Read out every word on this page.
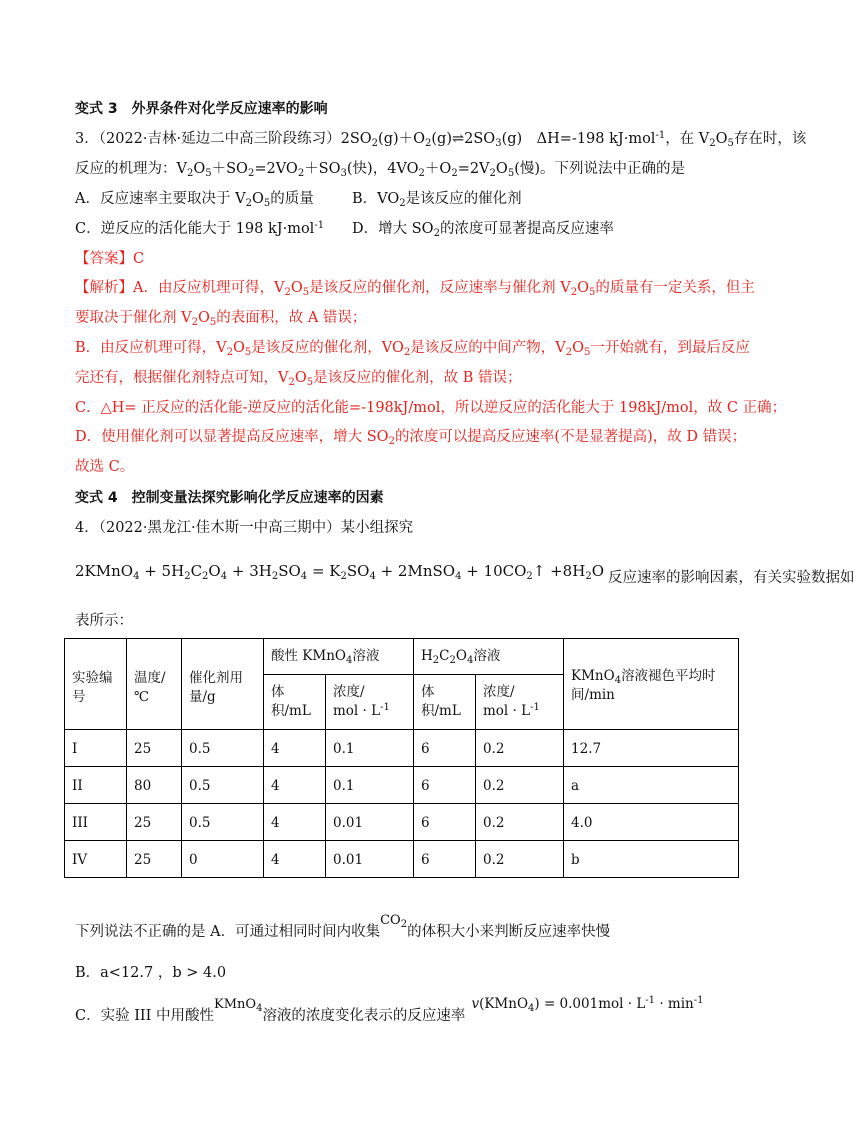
变式 3　外界条件对化学反应速率的影响
3．（2022·吉林·延边二中高三阶段练习）$2SO_2(g)+O_2(g)\rightleftharpoons 2SO_3(g)$　ΔH=-198 kJ·mol$^{-1}$，在 $V_2O_5$存在时，该
反应的机理为：$V_2O_5+SO_2=2VO_2+SO_3$(快)，$4VO_2+O_2=2V_2O_5$(慢)。下列说法中正确的是
A．反应速率主要取决于 $V_2O_5$的质量	B．$VO_2$是该反应的催化剂
C．逆反应的活化能大于 198 kJ·mol$^{-1}$ D．增大 $SO_2$的浓度可显著提高反应速率
【答案】C
【解析】A．由反应机理可得，$V_2O_5$是该反应的催化剂，反应速率与催化剂 $V_2O_5$的质量有一定关系，但主
要取决于催化剂 $V_2O_5$的表面积，故 A 错误；
B．由反应机理可得，$V_2O_5$是该反应的催化剂，$VO_2$是该反应的中间产物，$V_2O_5$一开始就有，到最后反应
完还有，根据催化剂特点可知，$V_2O_5$是该反应的催化剂，故 B 错误；
C．△H= 正反应的活化能-逆反应的活化能=-198kJ/mol，所以逆反应的活化能大于 198kJ/mol，故 C 正确；
D．使用催化剂可以显著提高反应速率，增大 $SO_2$的浓度可以提高反应速率(不是显著提高)，故 D 错误；
故选 C。
变式 4　控制变量法探究影响化学反应速率的因素
4．（2022·黑龙江·佳木斯一中高三期中）某小组探究
2KMnO$_4$ + $5H_2C_2O_4 + 3H_2SO_4 = K_2SO_4$ + 2MnSO$_4$ + $10CO_2↑ +8H_2O$ 反应速率的影响因素，有关实验数据如
表所示：
实验编号	温度/℃	催化剂用量/g	酸性 KMnO$_4$溶液		$H_2C_2O_4$溶液		KMnO$_4$溶液褪色平均时间/min
			体积/mL	浓度/
mol · $L^{-1}$	体积/mL	浓度/
mol · $L^{-1}$
I	25	0.5	4	0.1	6	0.2	12.7
II	80	0.5	4	0.1	6	0.2	a
III	25	0.5	4	0.01	6	0.2	4.0
IV	25	0	4	0.01	6	0.2	b
下列说法不正确的是 A．可通过相同时间内收集$CO_2$的体积大小来判断反应速率快慢
B．a<12.7 ，b > 4.0
C．实验 III 中用酸性KMnO$_4$溶液的浓度变化表示的反应速率v(KMnO$_4$) = $0.001mol \cdot L^{-1} \cdot \min^{-1}$
